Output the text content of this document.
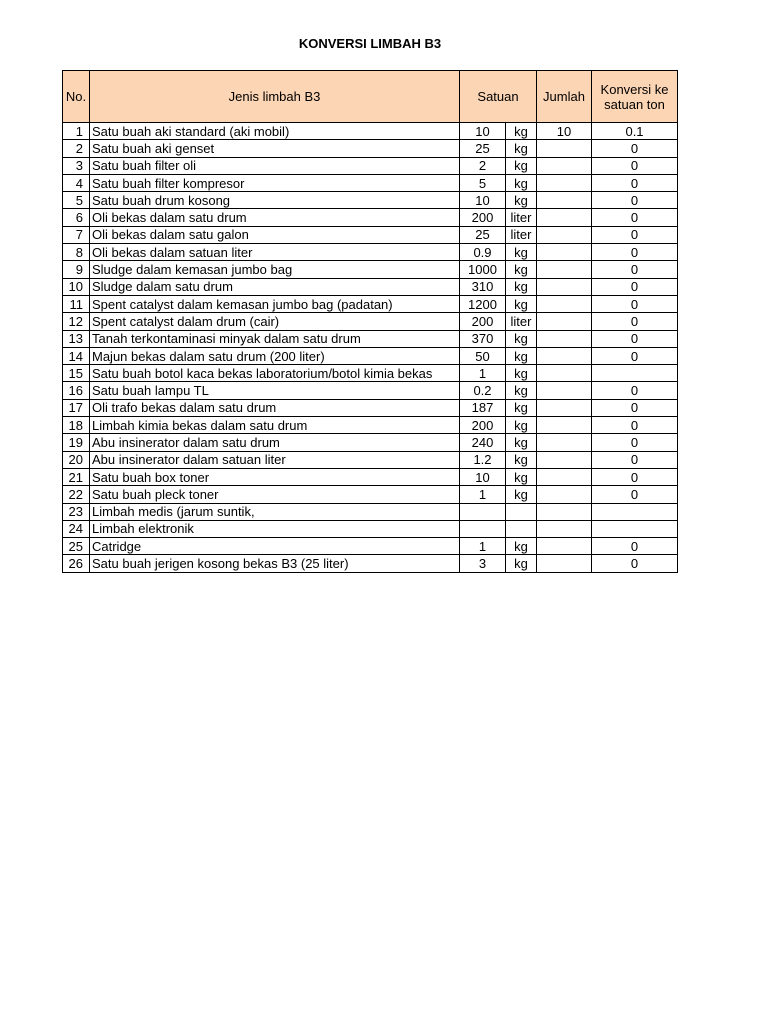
KONVERSI LIMBAH B3
No.	Jenis limbah B3	Satuan		Jumlah	Konversi ke satuan ton
1	Satu buah aki standard (aki mobil)	10	kg	10	0.1
2	Satu buah aki genset	25	kg		0
3	Satu buah filter oli	2	kg		0
4	Satu buah filter kompresor	5	kg		0
5	Satu buah drum kosong	10	kg		0
6	Oli bekas dalam satu drum	200	liter		0
7	Oli bekas dalam satu galon	25	liter		0
8	Oli bekas dalam satuan liter	0.9	kg		0
9	Sludge dalam kemasan jumbo bag	1000	kg		0
10	Sludge dalam satu drum	310	kg		0
11	Spent catalyst dalam kemasan jumbo bag (padatan)	1200	kg		0
12	Spent catalyst dalam drum (cair)	200	liter		0
13	Tanah terkontaminasi minyak dalam satu drum	370	kg		0
14	Majun bekas dalam satu drum (200 liter)	50	kg		0
15	Satu buah botol kaca bekas laboratorium/botol kimia bekas	1	kg		
16	Satu buah lampu TL	0.2	kg		0
17	Oli trafo bekas dalam satu drum	187	kg		0
18	Limbah kimia bekas dalam satu drum	200	kg		0
19	Abu insinerator dalam satu drum	240	kg		0
20	Abu insinerator dalam satuan liter	1.2	kg		0
21	Satu buah box toner	10	kg		0
22	Satu buah pleck toner	1	kg		0
23	Limbah medis (jarum suntik,				
24	Limbah elektronik				
25	Catridge	1	kg		0
26	Satu buah jerigen kosong bekas B3 (25 liter)	3	kg		0
